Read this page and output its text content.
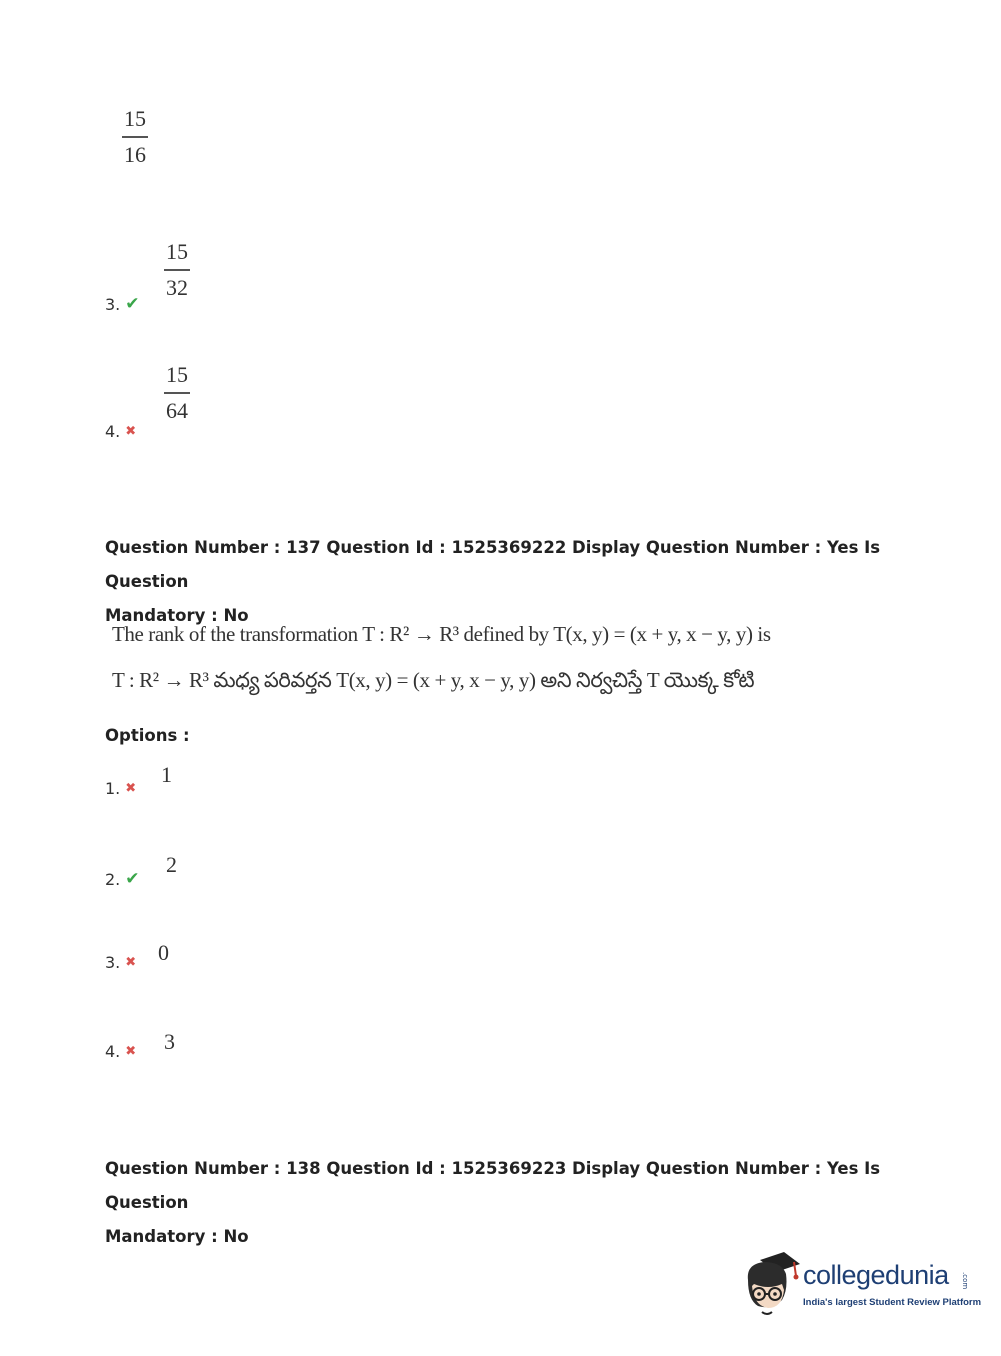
15
16
15
32
3. ✔
15
64
4. ✖
Question Number : 137 Question Id : 1525369222 Display Question Number : Yes Is Question
Mandatory : No
The rank of the transformation T : R² → R³ defined by T(x, y) = (x + y, x − y, y) is
T : R² → R³ మధ్య పరివర్తన T(x, y) = (x + y, x − y, y) అని నిర్వచిస్తే T యొక్క కోటి
Options :
1. ✖
1
2. ✔
2
3. ✖ 0
4. ✖ 3
Question Number : 138 Question Id : 1525369223 Display Question Number : Yes Is Question
Mandatory : No
collegedunia .com
India's largest Student Review Platform
